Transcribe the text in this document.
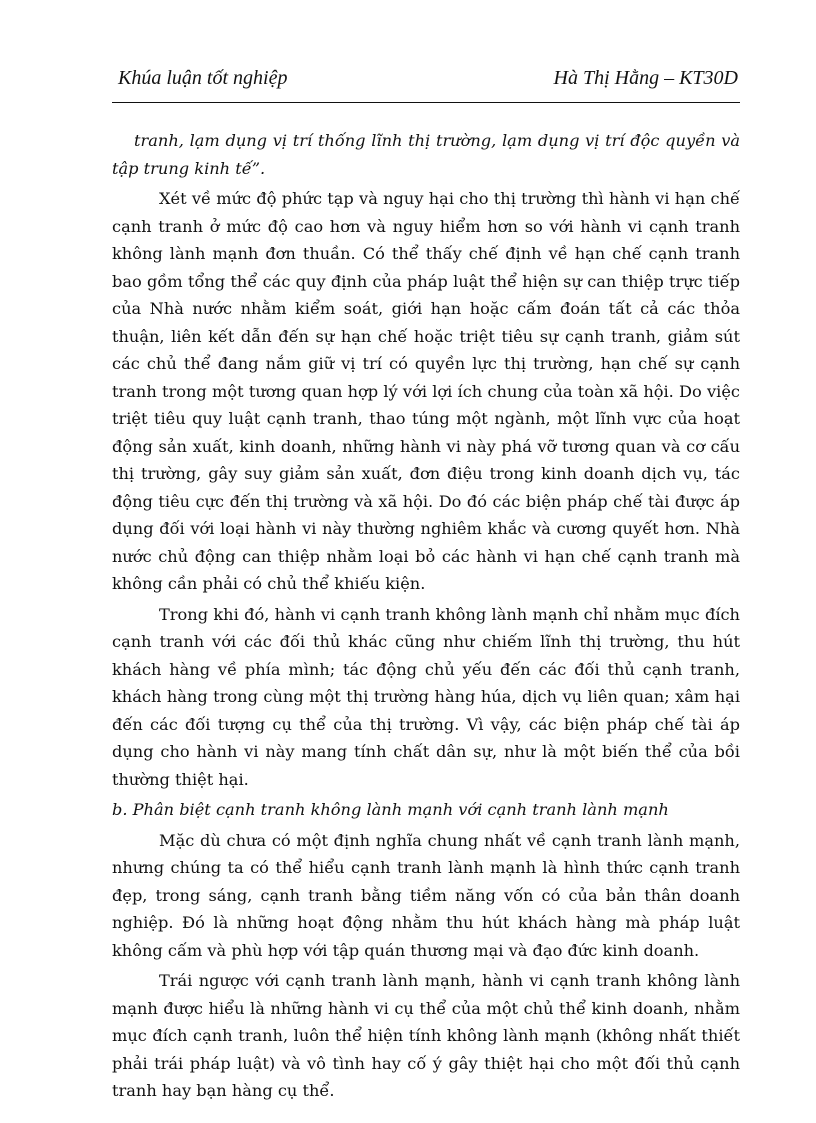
Khúa luận tốt nghiệp	Hà Thị Hằng – KT30D

tranh, lạm dụng vị trí thống lĩnh thị trường, lạm dụng vị trí độc quyền và tập trung kinh tế”.

Xét về mức độ phức tạp và nguy hại cho thị trường thì hành vi hạn chế cạnh tranh ở mức độ cao hơn và nguy hiểm hơn so với hành vi cạnh tranh không lành mạnh đơn thuần. Có thể thấy chế định về hạn chế cạnh tranh bao gồm tổng thể các quy định của pháp luật thể hiện sự can thiệp trực tiếp của Nhà nước nhằm kiểm soát, giới hạn hoặc cấm đoán tất cả các thỏa thuận, liên kết dẫn đến sự hạn chế hoặc triệt tiêu sự cạnh tranh, giảm sút các chủ thể đang nắm giữ vị trí có quyền lực thị trường, hạn chế sự cạnh tranh trong một tương quan hợp lý với lợi ích chung của toàn xã hội. Do việc triệt tiêu quy luật cạnh tranh, thao túng một ngành, một lĩnh vực của hoạt động sản xuất, kinh doanh, những hành vi này phá vỡ tương quan và cơ cấu thị trường, gây suy giảm sản xuất, đơn điệu trong kinh doanh dịch vụ, tác động tiêu cực đến thị trường và xã hội. Do đó các biện pháp chế tài được áp dụng đối với loại hành vi này thường nghiêm khắc và cương quyết hơn. Nhà nước chủ động can thiệp nhằm loại bỏ các hành vi hạn chế cạnh tranh mà không cần phải có chủ thể khiếu kiện.

Trong khi đó, hành vi cạnh tranh không lành mạnh chỉ nhằm mục đích cạnh tranh với các đối thủ khác cũng như chiếm lĩnh thị trường, thu hút khách hàng về phía mình; tác động chủ yếu đến các đối thủ cạnh tranh, khách hàng trong cùng một thị trường hàng húa, dịch vụ liên quan; xâm hại đến các đối tượng cụ thể của thị trường. Vì vậy, các biện pháp chế tài áp dụng cho hành vi này mang tính chất dân sự, như là một biến thể của bồi thường thiệt hại.

b. Phân biệt cạnh tranh không lành mạnh với cạnh tranh lành mạnh

Mặc dù chưa có một định nghĩa chung nhất về cạnh tranh lành mạnh, nhưng chúng ta có thể hiểu cạnh tranh lành mạnh là hình thức cạnh tranh đẹp, trong sáng, cạnh tranh bằng tiềm năng vốn có của bản thân doanh nghiệp. Đó là những hoạt động nhằm thu hút khách hàng mà pháp luật không cấm và phù hợp với tập quán thương mại và đạo đức kinh doanh.

Trái ngược với cạnh tranh lành mạnh, hành vi cạnh tranh không lành mạnh được hiểu là những hành vi cụ thể của một chủ thể kinh doanh, nhằm mục đích cạnh tranh, luôn thể hiện tính không lành mạnh (không nhất thiết phải trái pháp luật) và vô tình hay cố ý gây thiệt hại cho một đối thủ cạnh tranh hay bạn hàng cụ thể.
